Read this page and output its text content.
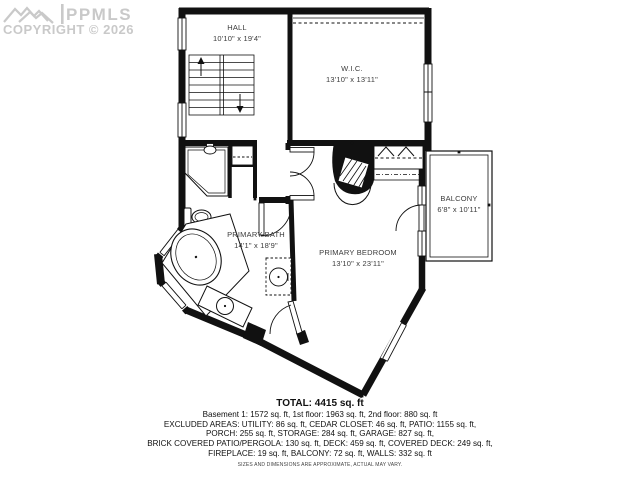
PPMLS
COPYRIGHT © 2026	HALL
10'10" x 19'4"
W.I.C.
13'10" x 13'11"
BALCONY
6'8" x 10'11"
PRIMARY BATH
14'1" x 18'9"
PRIMARY BEDROOM
13'10" x 23'11"
TOTAL: 4415 sq. ft
Basement 1: 1572 sq. ft, 1st floor: 1963 sq. ft, 2nd floor: 880 sq. ft
EXCLUDED AREAS: UTILITY: 86 sq. ft, CEDAR CLOSET: 46 sq. ft, PATIO: 1155 sq. ft,
PORCH: 255 sq. ft, STORAGE: 284 sq. ft, GARAGE: 827 sq. ft,
BRICK COVERED PATIO/PERGOLA: 130 sq. ft, DECK: 459 sq. ft, COVERED DECK: 249 sq. ft,
FIREPLACE: 19 sq. ft, BALCONY: 72 sq. ft, WALLS: 332 sq. ft
SIZES AND DIMENSIONS ARE APPROXIMATE, ACTUAL MAY VARY.
